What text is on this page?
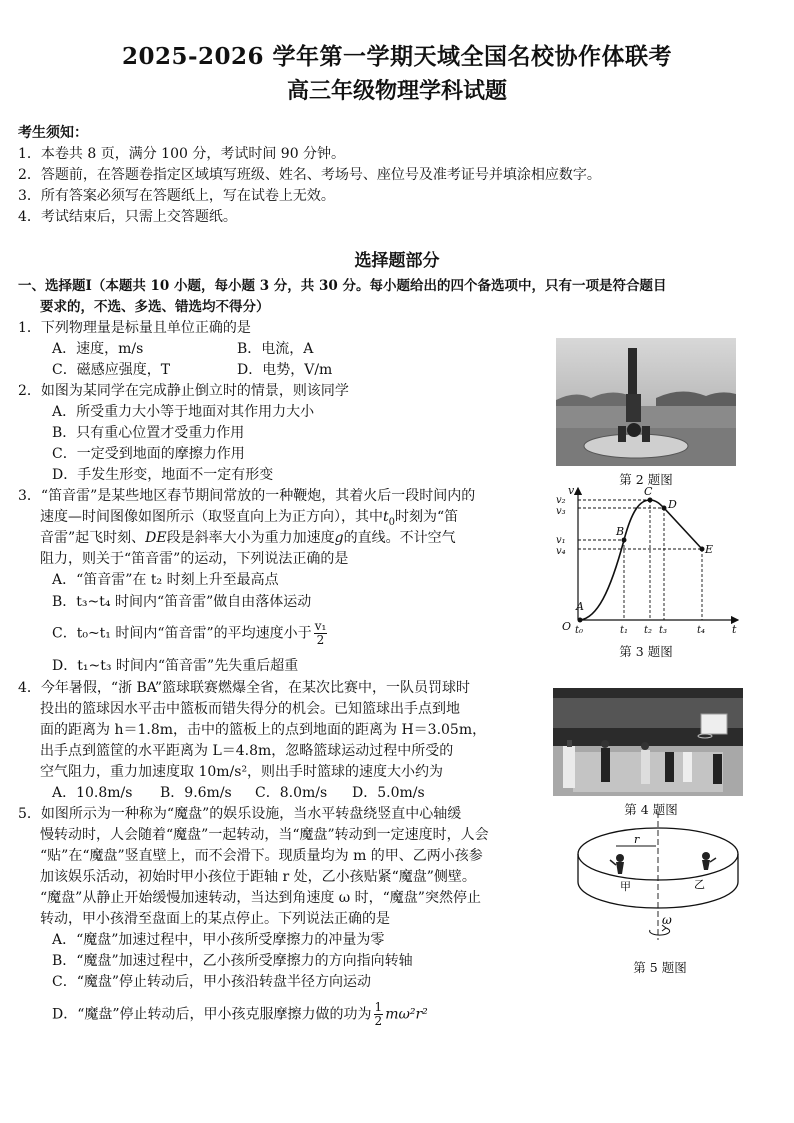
2025-2026 学年第一学期天域全国名校协作体联考
高三年级物理学科试题
考生须知：
1．本卷共 8 页，满分 100 分，考试时间 90 分钟。
2．答题前，在答题卷指定区域填写班级、姓名、考场号、座位号及准考证号并填涂相应数字。
3．所有答案必须写在答题纸上，写在试卷上无效。
4．考试结束后，只需上交答题纸。
选择题部分
一、选择题Ⅰ（本题共 10 小题，每小题 3 分，共 30 分。每小题给出的四个备选项中，只有一项是符合题目
要求的，不选、多选、错选均不得分）
1．下列物理量是标量且单位正确的是
A．速度，m/s	B．电流，A
C．磁感应强度，T	D．电势，V/m
2．如图为某同学在完成静止倒立时的情景，则该同学
A．所受重力大小等于地面对其作用力大小
B．只有重心位置才受重力作用
C．一定受到地面的摩擦力作用
D．手发生形变，地面不一定有形变	第 2 题图
3．“笛音雷”是某些地区春节期间常放的一种鞭炮，其着火后一段时间内的
速度—时间图像如图所示（取竖直向上为正方向），其中$t_0$时刻为“笛
音雷”起飞时刻、DE段是斜率大小为重力加速度g的直线。不计空气
阻力，则关于“笛音雷”的运动，下列说法正确的是
A．“笛音雷”在 t₂ 时刻上升至最高点
B．t₃~t₄ 时间内“笛音雷”做自由落体运动
C．t₀~t₁ 时间内“笛音雷”的平均速度小于 $\frac{\text{v₁}}{2}$
D．t₁~t₃ 时间内“笛音雷”先失重后超重
v
t
O
A
B
C
D
E
v₂
v₃
v₁
v₄
t₀	t₁ t₂ t₃	t₄
第 3 题图
4．今年暑假，“浙 BA”篮球联赛燃爆全省，在某次比赛中，一队员罚球时
投出的篮球因水平击中篮板而错失得分的机会。已知篮球出手点到地
面的距离为 h＝1.8m，击中的篮板上的点到地面的距离为 H＝3.05m，
出手点到篮筐的水平距离为 L＝4.8m，忽略篮球运动过程中所受的
空气阻力，重力加速度取 10m/s²，则出手时篮球的速度大小约为
A．10.8m/s B．9.6m/s C．8.0m/s D．5.0m/s
第 4 题图
5．如图所示为一种称为“魔盘”的娱乐设施，当水平转盘绕竖直中心轴缓
慢转动时，人会随着“魔盘”一起转动，当“魔盘”转动到一定速度时，人会
“贴”在“魔盘”竖直壁上，而不会滑下。现质量均为 m 的甲、乙两小孩参
加该娱乐活动，初始时甲小孩位于距轴 r 处，乙小孩贴紧“魔盘”侧壁。
“魔盘”从静止开始缓慢加速转动，当达到角速度 ω 时，“魔盘”突然停止
转动，甲小孩滑至盘面上的某点停止。下列说法正确的是
A．“魔盘”加速过程中，甲小孩所受摩擦力的冲量为零
B．“魔盘”加速过程中，乙小孩所受摩擦力的方向指向转轴
C．“魔盘”停止转动后，甲小孩沿转盘半径方向运动
D．“魔盘”停止转动后，甲小孩克服摩擦力做的功为 $\frac{1}{2} m\omega^2r^2$
r
甲	乙
ω
第 5 题图
